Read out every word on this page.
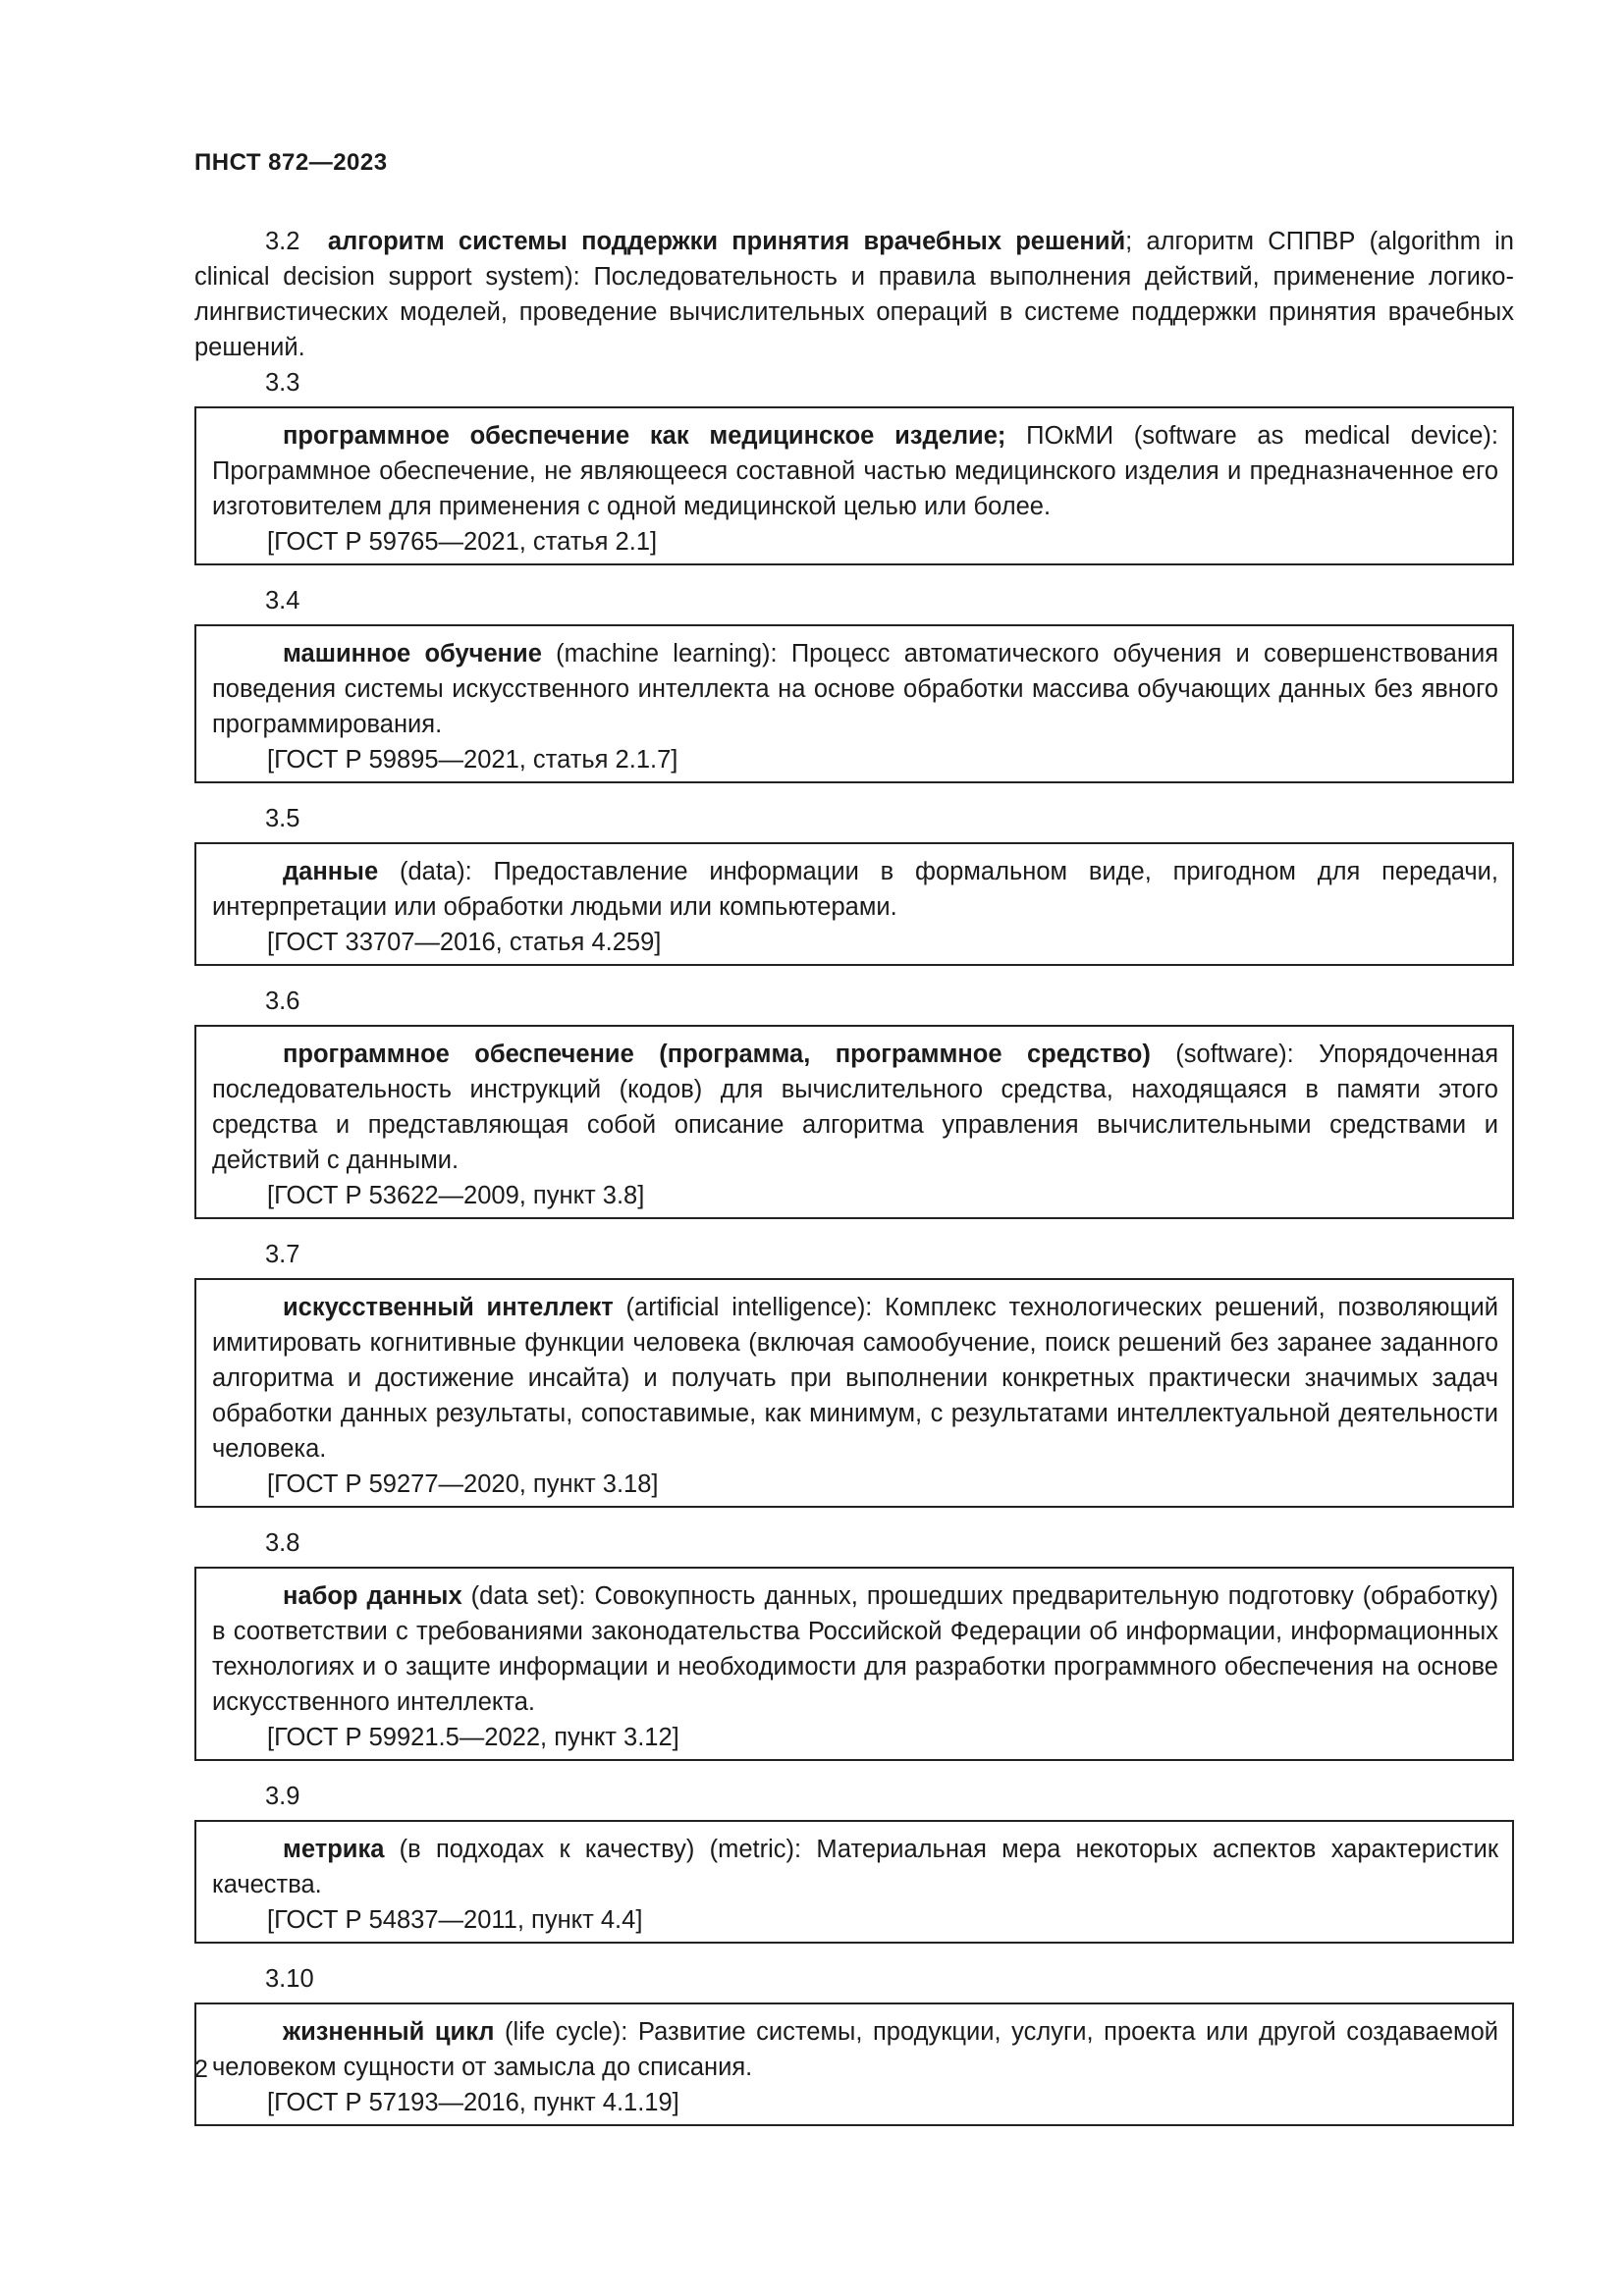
ПНСТ 872—2023

3.2 алгоритм системы поддержки принятия врачебных решений; алгоритм СППВР (algorithm in clinical decision support system): Последовательность и правила выполнения действий, применение логико-лингвистических моделей, проведение вычислительных операций в системе поддержки принятия врачебных решений.

3.3

программное обеспечение как медицинское изделие; ПОкМИ (software as medical device): Программное обеспечение, не являющееся составной частью медицинского изделия и предназначенное его изготовителем для применения с одной медицинской целью или более.

[ГОСТ Р 59765—2021, статья 2.1]

3.4

машинное обучение (machine learning): Процесс автоматического обучения и совершенствования поведения системы искусственного интеллекта на основе обработки массива обучающих данных без явного программирования.

[ГОСТ Р 59895—2021, статья 2.1.7]

3.5

данные (data): Предоставление информации в формальном виде, пригодном для передачи, интерпретации или обработки людьми или компьютерами.

[ГОСТ 33707—2016, статья 4.259]

3.6

программное обеспечение (программа, программное средство) (software): Упорядоченная последовательность инструкций (кодов) для вычислительного средства, находящаяся в памяти этого средства и представляющая собой описание алгоритма управления вычислительными средствами и действий с данными.

[ГОСТ Р 53622—2009, пункт 3.8]

3.7

искусственный интеллект (artificial intelligence): Комплекс технологических решений, позволяющий имитировать когнитивные функции человека (включая самообучение, поиск решений без заранее заданного алгоритма и достижение инсайта) и получать при выполнении конкретных практически значимых задач обработки данных результаты, сопоставимые, как минимум, с результатами интеллектуальной деятельности человека.

[ГОСТ Р 59277—2020, пункт 3.18]

3.8

набор данных (data set): Совокупность данных, прошедших предварительную подготовку (обработку) в соответствии с требованиями законодательства Российской Федерации об информации, информационных технологиях и о защите информации и необходимости для разработки программного обеспечения на основе искусственного интеллекта.

[ГОСТ Р 59921.5—2022, пункт 3.12]

3.9

метрика (в подходах к качеству) (metric): Материальная мера некоторых аспектов характеристик качества.

[ГОСТ Р 54837—2011, пункт 4.4]

3.10

жизненный цикл (life cycle): Развитие системы, продукции, услуги, проекта или другой создаваемой человеком сущности от замысла до списания.

[ГОСТ Р 57193—2016, пункт 4.1.19]

2
